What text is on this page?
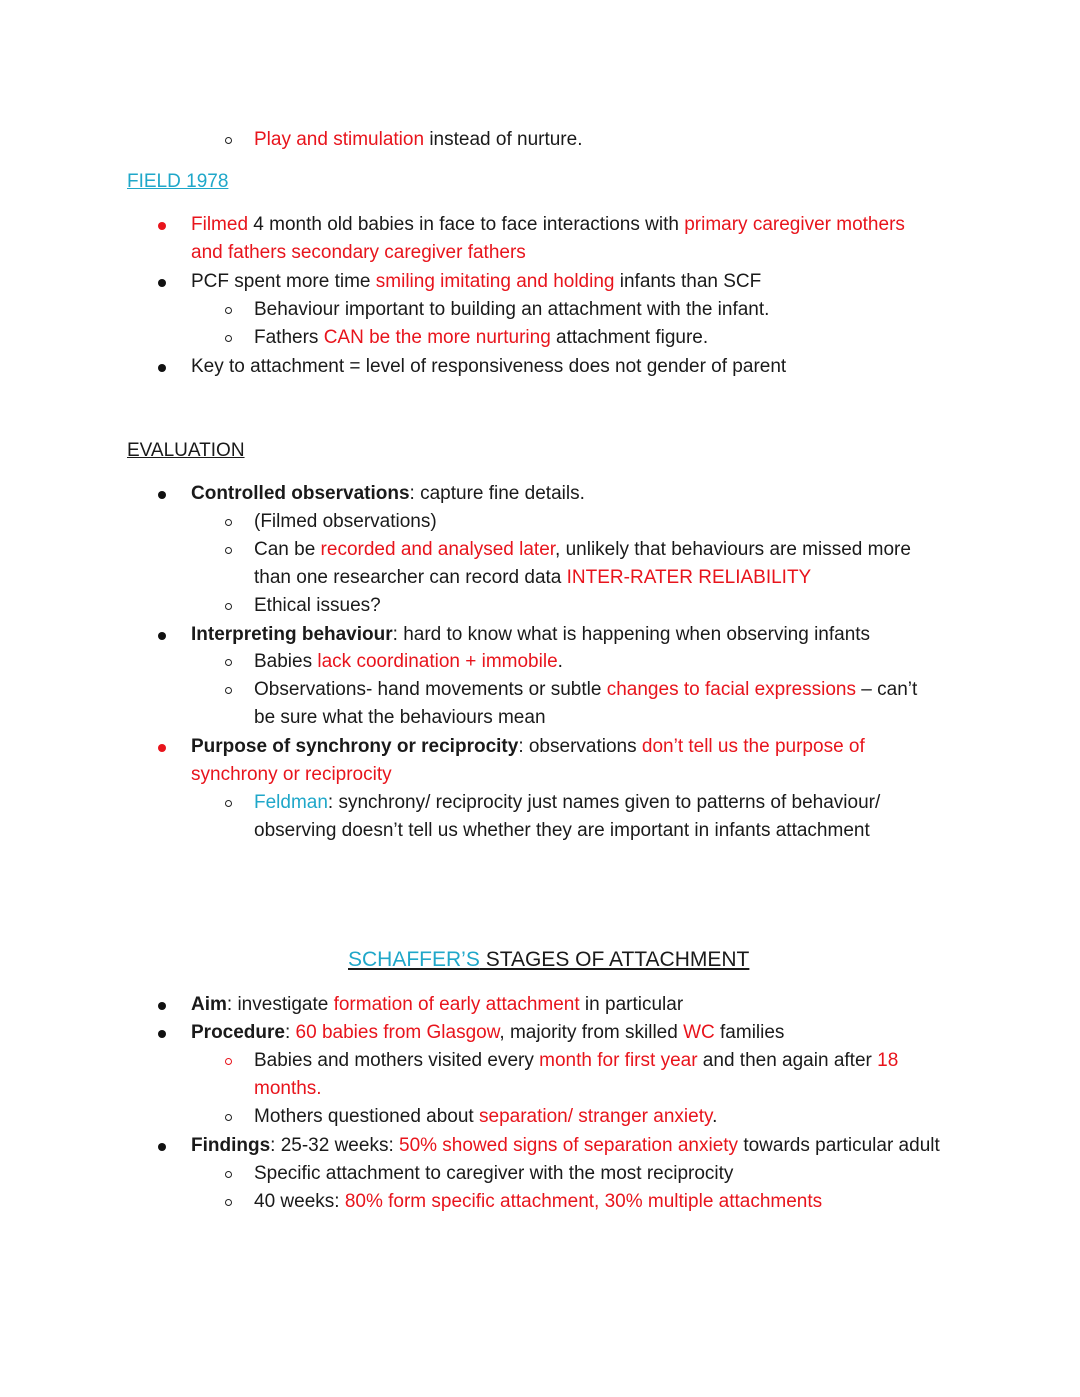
Play and stimulation instead of nurture.
FIELD 1978
Filmed 4 month old babies in face to face interactions with primary caregiver mothers
and fathers secondary caregiver fathers
PCF spent more time smiling imitating and holding infants than SCF
Behaviour important to building an attachment with the infant.
Fathers CAN be the more nurturing attachment figure.
Key to attachment = level of responsiveness does not gender of parent
EVALUATION
Controlled observations: capture fine details.
(Filmed observations)
Can be recorded and analysed later, unlikely that behaviours are missed more
than one researcher can record data INTER-RATER RELIABILITY
Ethical issues?
Interpreting behaviour: hard to know what is happening when observing infants
Babies lack coordination + immobile.
Observations- hand movements or subtle changes to facial expressions – can’t
be sure what the behaviours mean
Purpose of synchrony or reciprocity: observations don’t tell us the purpose of
synchrony or reciprocity
Feldman: synchrony/ reciprocity just names given to patterns of behaviour/
observing doesn’t tell us whether they are important in infants attachment
SCHAFFER’S STAGES OF ATTACHMENT
Aim: investigate formation of early attachment in particular
Procedure: 60 babies from Glasgow, majority from skilled WC families
Babies and mothers visited every month for first year and then again after 18
months.
Mothers questioned about separation/ stranger anxiety.
Findings: 25-32 weeks: 50% showed signs of separation anxiety towards particular adult
Specific attachment to caregiver with the most reciprocity
40 weeks: 80% form specific attachment, 30% multiple attachments
